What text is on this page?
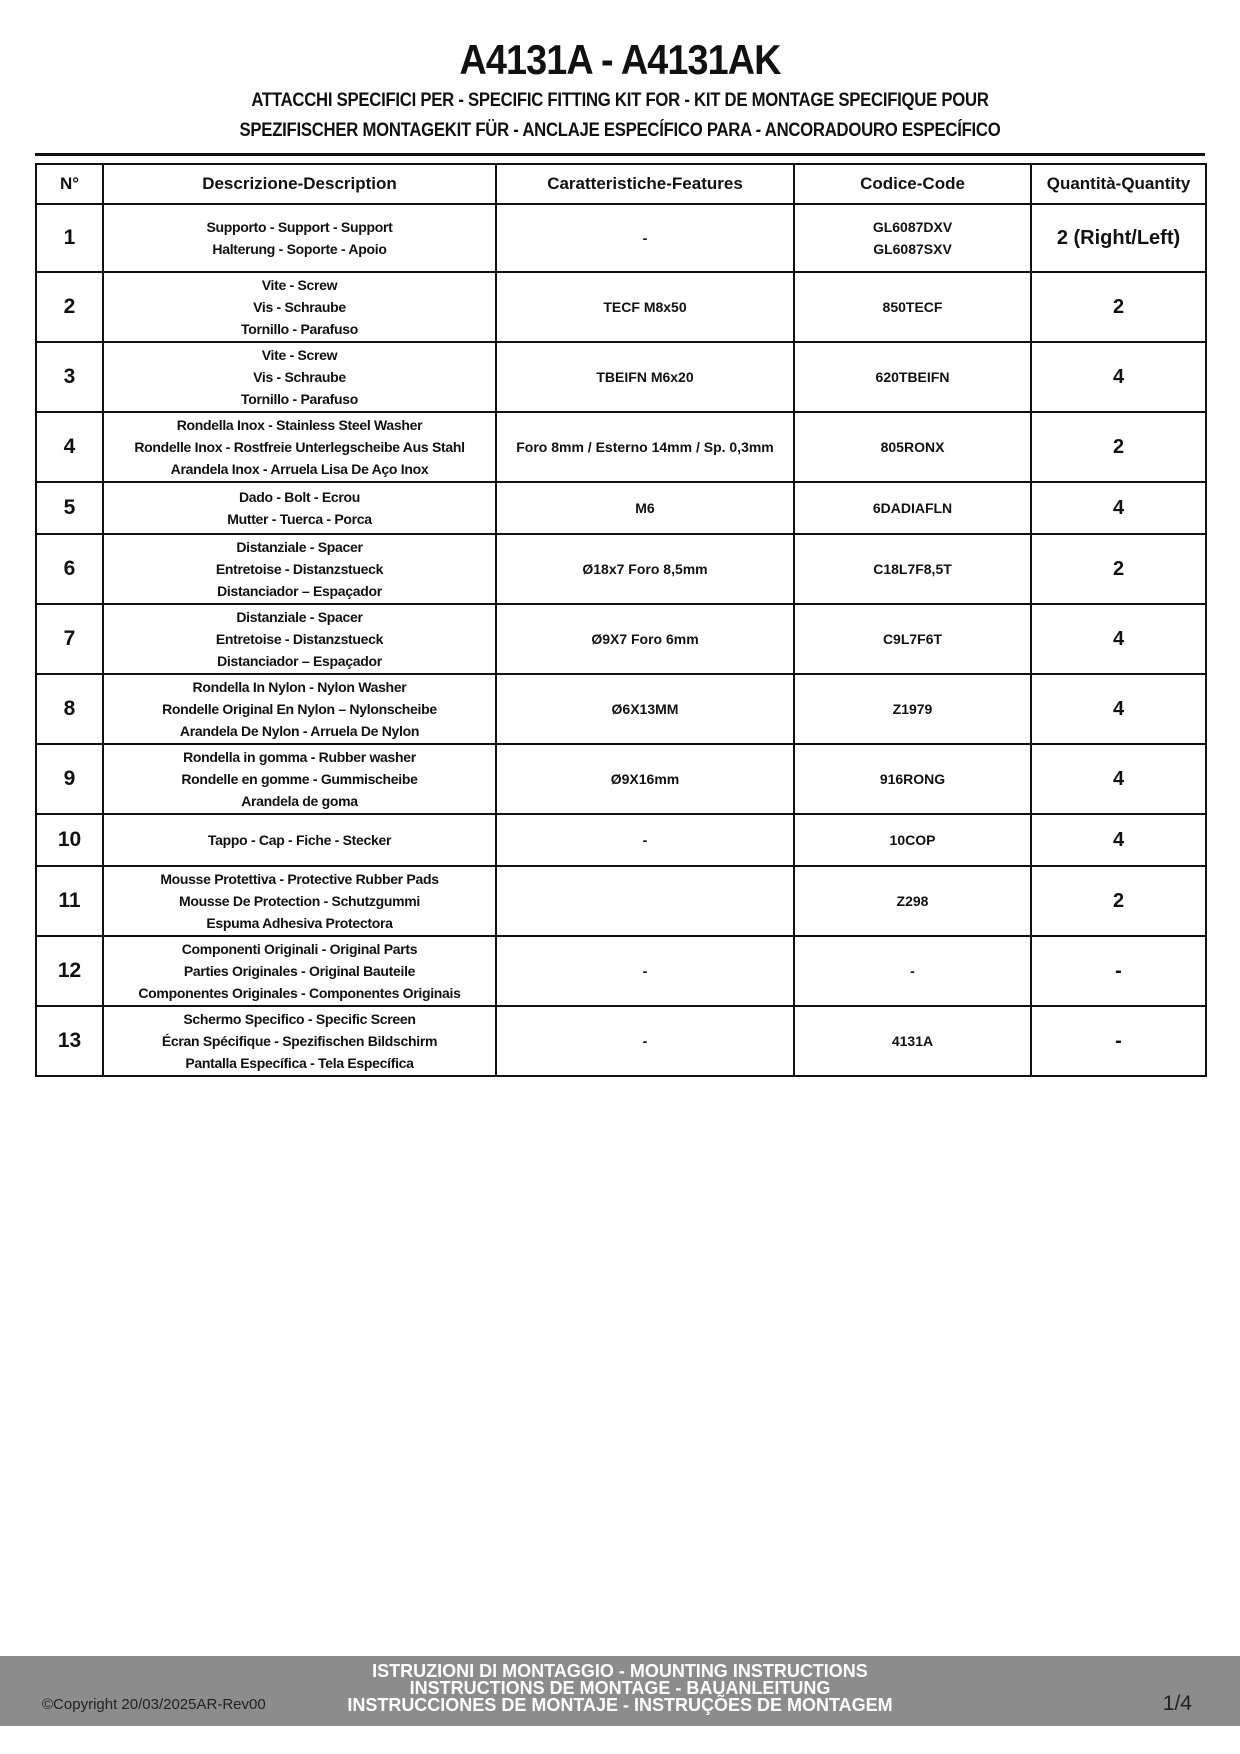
A4131A - A4131AK
ATTACCHI SPECIFICI PER - SPECIFIC FITTING KIT FOR - KIT DE MONTAGE SPECIFIQUE POUR
SPEZIFISCHER MONTAGEKIT FÜR - ANCLAJE ESPECÍFICO PARA - ANCORADOURO ESPECÍFICO
N°	Descrizione-Description	Caratteristiche-Features	Codice-Code	Quantità-Quantity
1	Supporto - Support - Support
Halterung - Soporte - Apoio	-	GL6087DXV
GL6087SXV	2 (Right/Left)
2	Vite - Screw
Vis - Schraube
Tornillo - Parafuso	TECF M8x50	850TECF	2
3	Vite - Screw
Vis - Schraube
Tornillo - Parafuso	TBEIFN M6x20	620TBEIFN	4
4	Rondella Inox - Stainless Steel Washer
Rondelle Inox - Rostfreie Unterlegscheibe Aus Stahl
Arandela Inox - Arruela Lisa De Aço Inox	Foro 8mm / Esterno 14mm / Sp. 0,3mm	805RONX	2
5	Dado - Bolt - Ecrou
Mutter - Tuerca - Porca	M6	6DADIAFLN	4
6	Distanziale - Spacer
Entretoise - Distanzstueck
Distanciador – Espaçador	Ø18x7 Foro 8,5mm	C18L7F8,5T	2
7	Distanziale - Spacer
Entretoise - Distanzstueck
Distanciador – Espaçador	Ø9X7 Foro 6mm	C9L7F6T	4
8	Rondella In Nylon - Nylon Washer
Rondelle Original En Nylon – Nylonscheibe
Arandela De Nylon - Arruela De Nylon	Ø6X13MM	Z1979	4
9	Rondella in gomma - Rubber washer
Rondelle en gomme - Gummischeibe
Arandela de goma	Ø9X16mm	916RONG	4
10	Tappo - Cap - Fiche - Stecker	-	10COP	4
11	Mousse Protettiva - Protective Rubber Pads
Mousse De Protection - Schutzgummi
Espuma Adhesiva Protectora		Z298	2
12	Componenti Originali - Original Parts
Parties Originales - Original Bauteile
Componentes Originales - Componentes Originais	-	-	-
13	Schermo Specifico - Specific Screen
Écran Spécifique - Spezifischen Bildschirm
Pantalla Específica - Tela Específica	-	4131A	-
ISTRUZIONI DI MONTAGGIO - MOUNTING INSTRUCTIONS
INSTRUCTIONS DE MONTAGE - BAUANLEITUNG
INSTRUCCIONES DE MONTAJE - INSTRUÇÕES DE MONTAGEM
©Copyright 20/03/2025AR-Rev00	1/4
